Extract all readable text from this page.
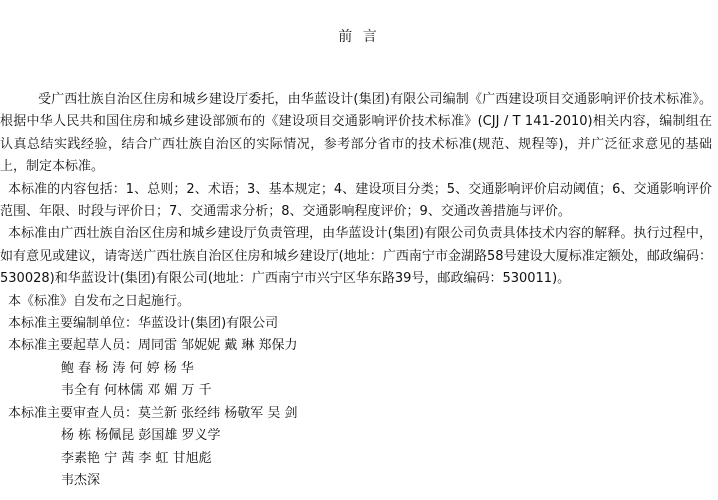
前 言

受广西壮族自治区住房和城乡建设厅委托，由华蓝设计(集团)有限公司编制《广西建设项目交通影响评价技术标准》。根据中华人民共和国住房和城乡建设部颁布的《建设项目交通影响评价技术标准》(CJJ / T 141-2010)相关内容，编制组在认真总结实践经验，结合广西壮族自治区的实际情况，参考部分省市的技术标准(规范、规程等)，并广泛征求意见的基础上，制定本标准。

本标准的内容包括：1、总则；2、术语；3、基本规定；4、建设项目分类；5、交通影响评价启动阈值；6、交通影响评价范围、年限、时段与评价日；7、交通需求分析；8、交通影响程度评价；9、交通改善措施与评价。

本标准由广西壮族自治区住房和城乡建设厅负责管理，由华蓝设计(集团)有限公司负责具体技术内容的解释。执行过程中，如有意见或建议，请寄送广西壮族自治区住房和城乡建设厅(地址：广西南宁市金湖路58号建设大厦标准定额处，邮政编码：530028)和华蓝设计(集团)有限公司(地址：广西南宁市兴宁区华东路39号，邮政编码：530011)。

本《标准》自发布之日起施行。

本标准主要编制单位：华蓝设计(集团)有限公司

本标准主要起草人员：周同雷 邹妮妮 戴 琳 郑保力

鲍 春 杨 涛 何 婷 杨 华

韦全有 何林儒 邓 媚 万 千

本标准主要审查人员：莫兰新 张经纬 杨敬军 吴 剑

杨 栋 杨佩昆 彭国雄 罗义学

李素艳 宁 茜 李 虹 甘旭彪

韦杰深
